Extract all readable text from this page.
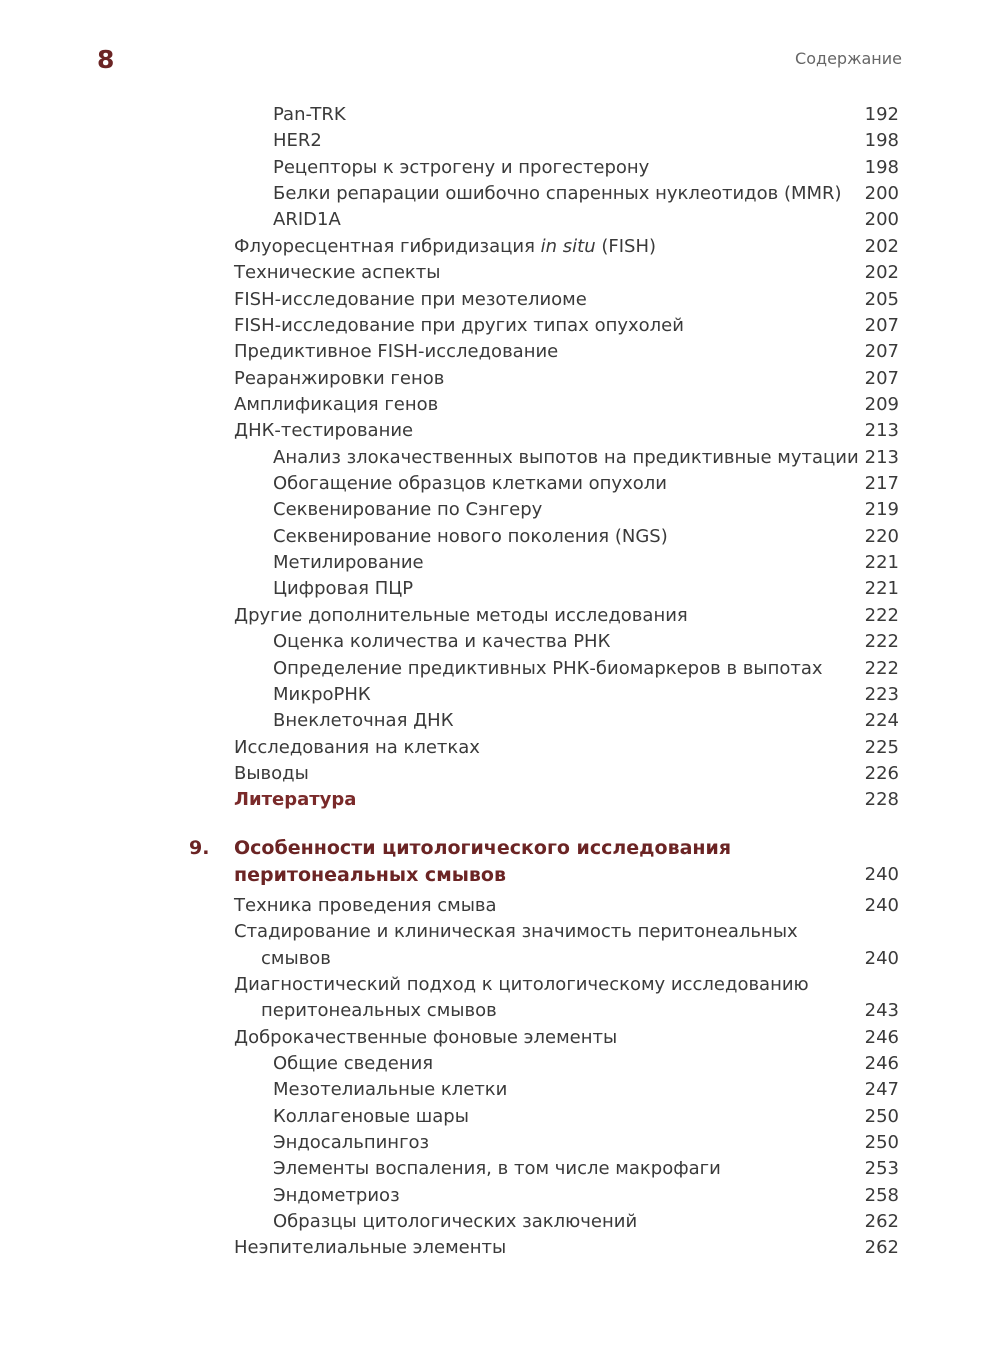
8	Содержание
Pan-TRK	192
HER2	198
Рецепторы к эстрогену и прогестерону	198
Белки репарации ошибочно спаренных нуклеотидов (MMR) 200
ARID1A	200
Флуоресцентная гибридизация in situ (FISH)	202
Технические аспекты	202
FISH-исследование при мезотелиоме	205
FISH-исследование при других типах опухолей	207
Предиктивное FISH-исследование	207
Реаранжировки генов	207
Амплификация генов	209
ДНК-тестирование	213
Анализ злокачественных выпотов на предиктивные мутации 213
Обогащение образцов клетками опухоли	217
Секвенирование по Сэнгеру	219
Секвенирование нового поколения (NGS)	220
Метилирование	221
Цифровая ПЦР	221
Другие дополнительные методы исследования	222
Оценка количества и качества РНК	222
Определение предиктивных РНК-биомаркеров в выпотах 222
МикроРНК	223
Внеклеточная ДНК	224
Исследования на клетках	225
Выводы	226
Литература	228
9. Особенности цитологического исследования
перитонеальных смывов	240
Техника проведения смыва	240
Стадирование и клиническая значимость перитонеальных
смывов	240
Диагностический подход к цитологическому исследованию
перитонеальных смывов	243
Доброкачественные фоновые элементы	246
Общие сведения	246
Мезотелиальные клетки	247
Коллагеновые шары	250
Эндосальпингоз	250
Элементы воспаления, в том числе макрофаги	253
Эндометриоз	258
Образцы цитологических заключений	262
Неэпителиальные элементы	262
